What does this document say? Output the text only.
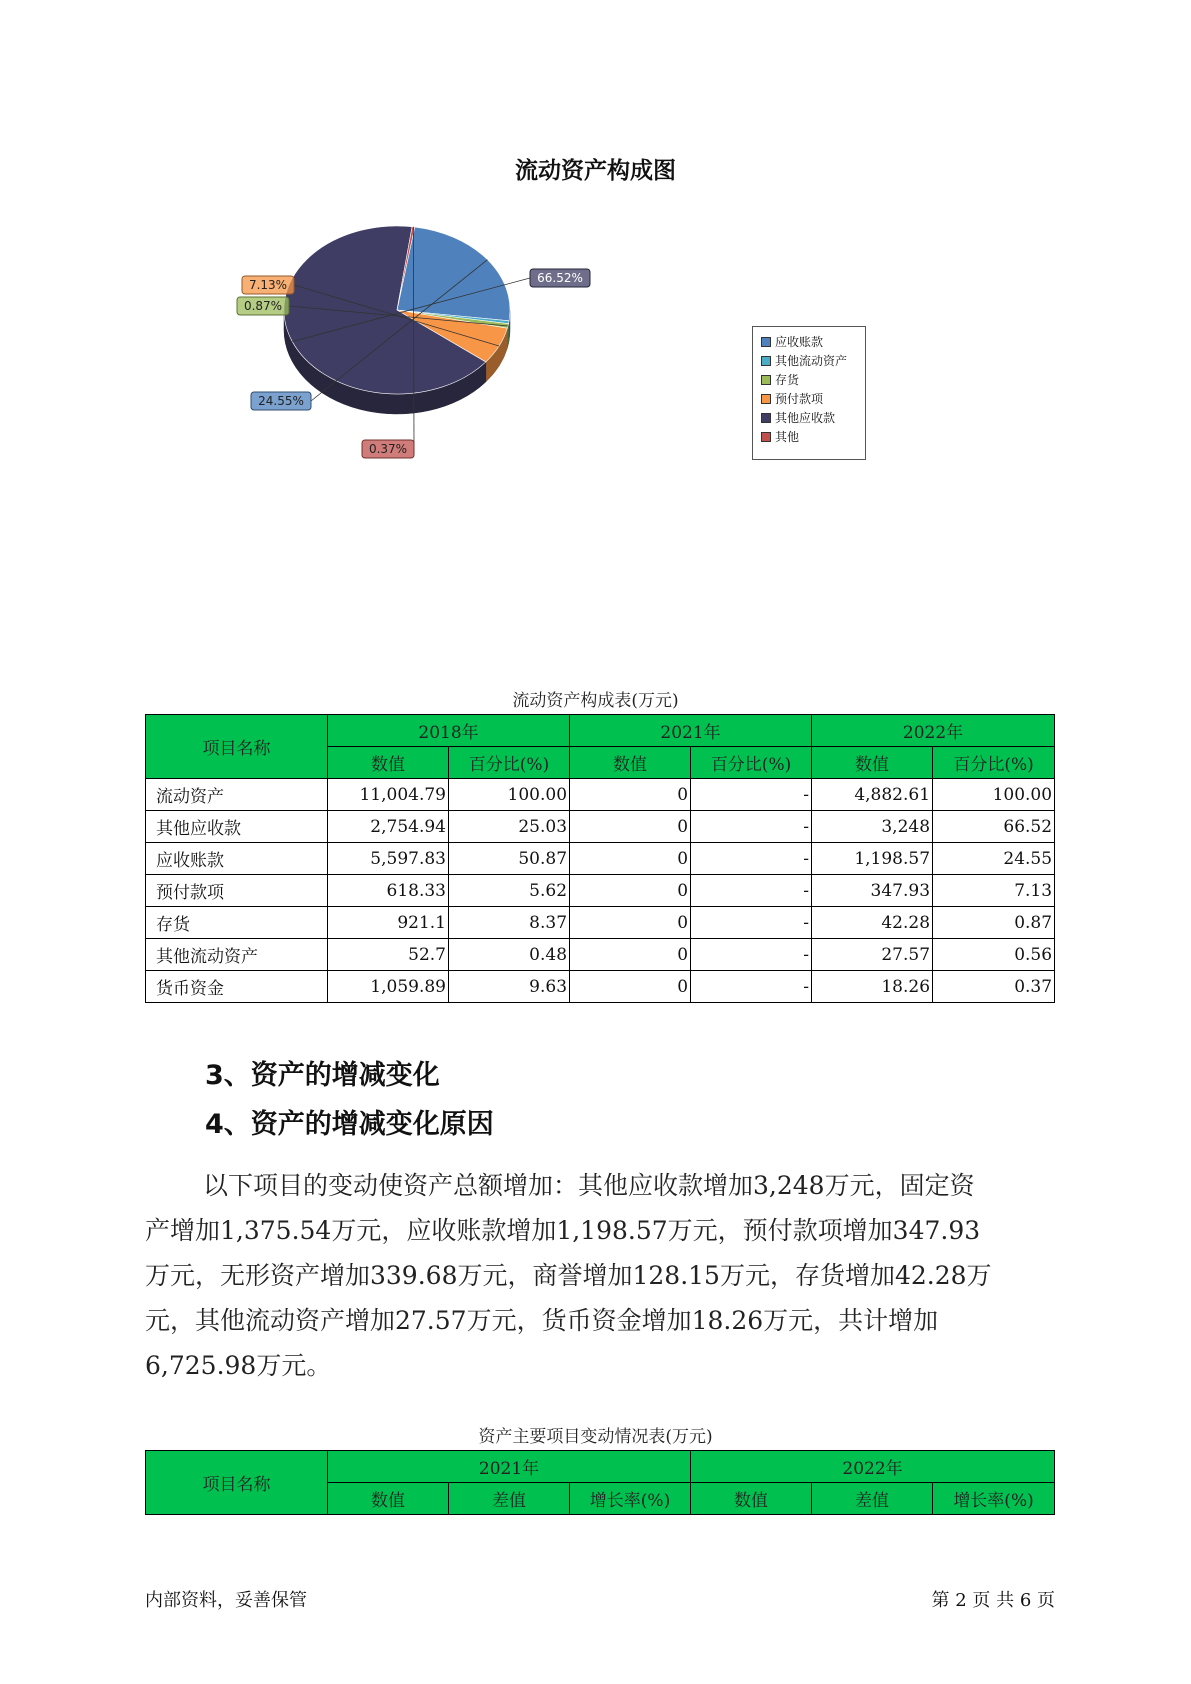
流动资产构成图
24.55%
0.87%
7.13%	66.52%
0.37%
应收账款
其他流动资产
存货
预付款项
其他应收款
其他
流动资产构成表(万元)
项目名称	2018年		2021年		2022年	
	数值	百分比(%)	数值	百分比(%)	数值	百分比(%)
流动资产	11,004.79	100.00	0	-	4,882.61	100.00
其他应收款	2,754.94	25.03	0	-	3,248	66.52
应收账款	5,597.83	50.87	0	-	1,198.57	24.55
预付款项	618.33	5.62	0	-	347.93	7.13
存货	921.1	8.37	0	-	42.28	0.87
其他流动资产	52.7	0.48	0	-	27.57	0.56
货币资金	1,059.89	9.63	0	-	18.26	0.37
3、资产的增减变化
4、资产的增减变化原因
以下项目的变动使资产总额增加：其他应收款增加3,248万元，固定资
产增加1,375.54万元，应收账款增加1,198.57万元，预付款项增加347.93
万元，无形资产增加339.68万元，商誉增加128.15万元，存货增加42.28万
元，其他流动资产增加27.57万元，货币资金增加18.26万元，共计增加
6,725.98万元。
资产主要项目变动情况表(万元)
项目名称	2021年			2022年		
	数值	差值	增长率(%)	数值	差值	增长率(%)
内部资料，妥善保管	第 2 页 共 6 页
